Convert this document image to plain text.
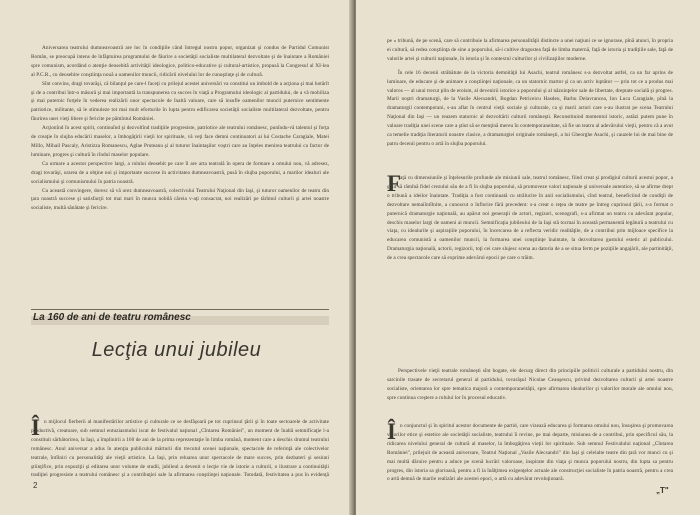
Aniversarea teatrului dumneavoastră are loc în condiţiile când întregul nostru popor, organizat şi condus de Partidul Comunist Român, se preocupă intens de înfăptuirea programului de făurire a societăţii socialiste multilateral dezvoltate şi de înaintare a României spre comunism, acordând o atenţie deosebită activităţii ideologice, politico-educative şi cultural-artistice, propusă la Congresul al XI-lea al P.C.R., cu deosebire conştiinţa nouă a oamenilor muncii, ridicării nivelului lor de cunoştinţe şi de cultură.

Sînt convins, dragi tovarăşi, că bilanţul pe care-l faceţi cu prilejul acestei aniversări va constitui un imbold de a acţiona şi mai hotărît şi de a contribui într-o măsură şi mai importantă la transpunerea cu succes în viaţă a Programului ideologic al partidului, de a vă mobiliza şi mai puternic forţele în vederea realizării unor spectacole de înaltă valoare, care să insufle oamenilor muncii puternice sentimente patriotice, militante, să le stimuleze tot mai mult eforturile în lupta pentru edificarea societăţii socialiste multilateral dezvoltate, pentru făurirea unei vieţi libere şi fericite pe pămîntul României.

Acţionînd în acest spirit, continuînd şi dezvoltînd tradiţiile progresiste, patriotice ale teatrului românesc, punîndu-vă talentul şi forţa de creaţie în slujba educării maselor, a îmbogăţirii vieţii lor spirituale, vă veţi face demni continuatori ai lui Costache Caragiale, Matei Millo, Mihail Pascaly, Aristizza Romanescu, Aglae Pruteanu şi al tuturor înaintaşilor voştri care au înţeles menirea teatrului ca factor de luminare, progres şi cultură în rîndul maselor populare.

Ca urmare a acestor perspective largi, a rolului deosebit pe care îl are arta teatrală în opera de formare a omului nou, vă adresez, dragi tovarăşi, urarea de a obţine noi şi importante succese în activitatea dumneavoastră, pusă în slujba poporului, a marilor idealuri ale socialismului şi comunismului în patria noastră.

Cu această convingere, doresc să vă urez dumneavoastră, colectivului Teatrului Naţional din Iaşi, şi tuturor oamenilor de teatru din ţara noastră succese şi satisfacţii tot mai mari în munca nobilă căreia v-aţi consacrat, noi realizări pe tărîmul culturii şi artei noastre socialiste, multă sănătate şi fericire.

La 160 de ani de teatru românesc
Lecţia unui jubileu
Î n mijlocul fierberii al manifestărilor artistice şi culturale ce se desfăşoară pe tot cuprinsul ţării şi în toate sectoarele de activitate productivă, creatoare, sub semnul entuziasmului iscat de festivalul naţional „Cîntarea României", un moment de înaltă semnificaţie l-a constituit sărbătorirea, la Iaşi, a împlinirii a 160 de ani de la prima reprezentaţie în limba română, moment care a deschis drumul teatrului românesc. Anul aniversar a adus în atenţia publicului mărturii din trecutul scenei naţionale, spectacole de referinţă ale colectivelor teatrale, întîlniri cu personalităţi ale vieţii artistice. La Iaşi, prin reluarea unor spectacole de mare succes, prin dezbateri şi sesiuni ştiinţifice, prin expoziţii şi editarea unor volume de studii, jubileul a devenit o lecţie vie de istorie a culturii, o ilustrare a continuităţii tradiţiei progresiste a teatrului românesc şi a contribuţiei sale la afirmarea conştiinţei naţionale. Totodată, festivitatea a pus în evidenţă

2

pe » tribună, de pe scenă, care să contribuie la afirmarea personalităţii distincte a unei naţiuni ce se ignorase, pînă atunci, în propria ei cultură, să redea conştiinţa de sine a poporului, să-i cultive dragostea faţă de limba maternă, faţă de istoria şi tradiţiile sale, faţă de valorile artei şi culturii naţionale, în istoria şi în contextul culturilor şi civilizaţiilor moderne.

În cele 16 decenii străbătute de la victoria demnităţii lui Asachi, teatrul românesc s-a dezvoltat astfel, ca un far aprins de luminare, de educare şi de animare a conştiinţei naţionale, ca un statornic martor şi ca un activ luptător — prin tot ce a produs mai valoros — al unui trecut plin de eroism, al devenirii istorice a poporului şi al năzuinţelor sale de libertate, dreptate socială şi progres. Marii noştri dramaturgi, de la Vasile Alecsandri, Bogdan Petriceicu Hasdeu, Barbu Delavrancea, Ion Luca Caragiale, pînă la dramaturgii contemporani, s-au aflat în centrul vieţii sociale şi culturale, ca şi marii actori care s-au ilustrat pe scena Teatrului Naţional din Iaşi — un reazem statornic al dezvoltării culturii româneşti. Reconstituind momentul istoric, astăzi putem pune în valoare tradiţia unei scene care a ştiut să se menţină mereu în contemporaneitate, să fie un teatru al adevărului vieţii, pentru că a avut ca temelie tradiţia literaturii noastre clasice, a dramaturgiei originale româneşti, a lui Gheorghe Asachi, şi cauzele lui de mai bine de patru decenii pentru o artă în slujba poporului.

F

aţă cu dimensiunile şi înţelesurile profunde ale misiunii sale, teatrul românesc, fiind creat şi prodigiul culturii acestui popor, a ştiut să rămînă fidel crezului său de a fi în slujba poporului, să promoveze valori naţionale şi universale autentice, să se afirme drept o tribună a ideilor înaintate. Tradiţia a fost continuată cu strălucire în anii socialismului, cînd teatrul, beneficiind de condiţii de dezvoltare nemaiîntîlnite, a cunoscut o înflorire fără precedent: s-a creat o reţea de teatre pe întreg cuprinsul ţării, s-a format o puternică dramaturgie naţională, au apărut noi generaţii de actori, regizori, scenografi, s-a afirmat un teatru cu adevărat popular, deschis maselor largi de oameni ai muncii. Semnificaţia jubileului de la Iaşi stă tocmai în această permanentă legătură a teatrului cu viaţa, cu idealurile şi aspiraţiile poporului, în încercarea de a reflecta veridic realităţile, de a contribui prin mijloace specifice la educarea comunistă a oamenilor muncii, la formarea unei conştiinţe înaintate, la dezvoltarea gustului estetic al publicului. Dramaturgia naţională, actorii, regizorii, toţi cei care slujesc scena au datoria de a se situa ferm pe poziţiile angajării, ale partinităţii, de a crea spectacole care să exprime adevărul epocii pe care o trăim.

Perspectivele vieţii teatrale româneşti sînt bogate, ele decurg direct din principiile politicii culturale a partidului nostru, din sarcinile trasate de secretarul general al partidului, tovarăşul Nicolae Ceauşescu, privind dezvoltarea culturii şi artei noastre socialiste, orientarea lor spre tematica majoră a contemporaneităţii, spre afirmarea idealurilor şi valorilor morale ale omului nou, spre continua creştere a rolului lor în procesul educativ.

Î n conjunctul şi în spiritul acestor documente de partid, care vizează educarea şi formarea omului nou, însuşirea şi promovarea valorilor etice şi estetice ale societăţii socialiste, teatrului îi revine, pe mai departe, misiunea de a contribui, prin specificul său, la ridicarea nivelului general de cultură al maselor, la îmbogăţirea vieţii lor spirituale. Sub semnul Festivalului naţional „Cîntarea României", prilejuit de această aniversare, Teatrul Naţional „Vasile Alecsandri" din Iaşi şi celelalte teatre din ţară vor munci cu şi mai multă dăruire pentru a aduce pe scenă lucrări valoroase, inspirate din viaţa şi munca poporului nostru, din lupta sa pentru progres, din istoria sa glorioasă, pentru a fi la înălţimea exigenţelor actuale ale construcţiei socialiste în patria noastră, pentru a crea o artă demnă de marile realizări ale acestei epoci, o artă cu adevărat revoluţionară.

„T"
